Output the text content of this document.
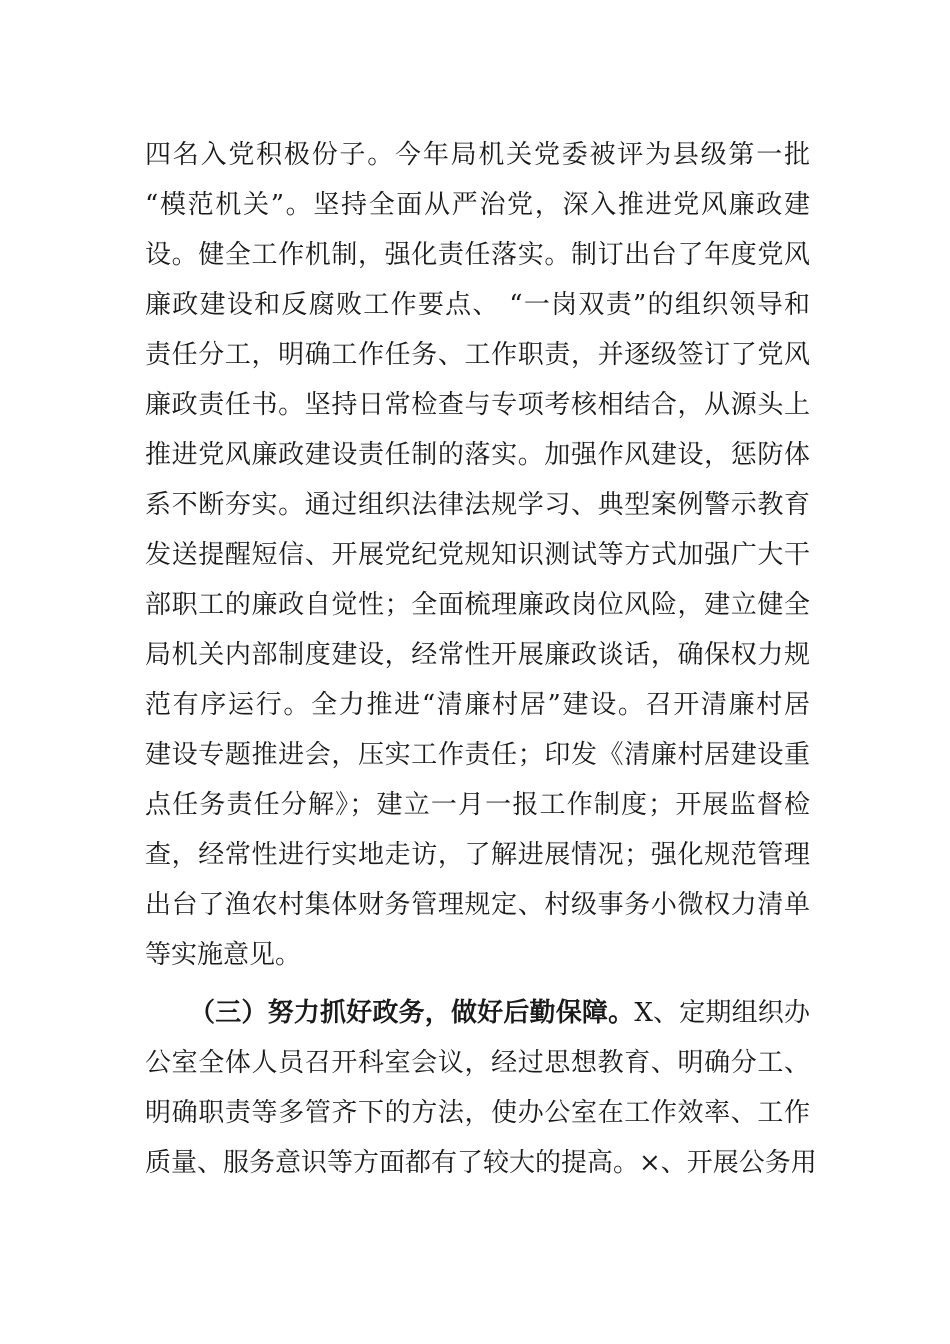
四名入党积极份子。今年局机关党委被评为县级第一批
“模范机关”。坚持全面从严治党，深入推进党风廉政建
设。健全工作机制，强化责任落实。制订出台了年度党风
廉政建设和反腐败工作要点、 “一岗双责”的组织领导和
责任分工，明确工作任务、工作职责，并逐级签订了党风
廉政责任书。坚持日常检查与专项考核相结合，从源头上
推进党风廉政建设责任制的落实。加强作风建设，惩防体
系不断夯实。通过组织法律法规学习、典型案例警示教育
发送提醒短信、开展党纪党规知识测试等方式加强广大干
部职工的廉政自觉性；全面梳理廉政岗位风险，建立健全
局机关内部制度建设，经常性开展廉政谈话，确保权力规
范有序运行。全力推进“清廉村居”建设。召开清廉村居
建设专题推进会，压实工作责任；印发《清廉村居建设重
点任务责任分解》；建立一月一报工作制度；开展监督检
查，经常性进行实地走访，了解进展情况；强化规范管理
出台了渔农村集体财务管理规定、村级事务小微权力清单
等实施意见。
（三）努力抓好政务，做好后勤保障。X、定期组织办
公室全体人员召开科室会议，经过思想教育、明确分工、
明确职责等多管齐下的方法，使办公室在工作效率、工作
质量、服务意识等方面都有了较大的提高。×、开展公务用
